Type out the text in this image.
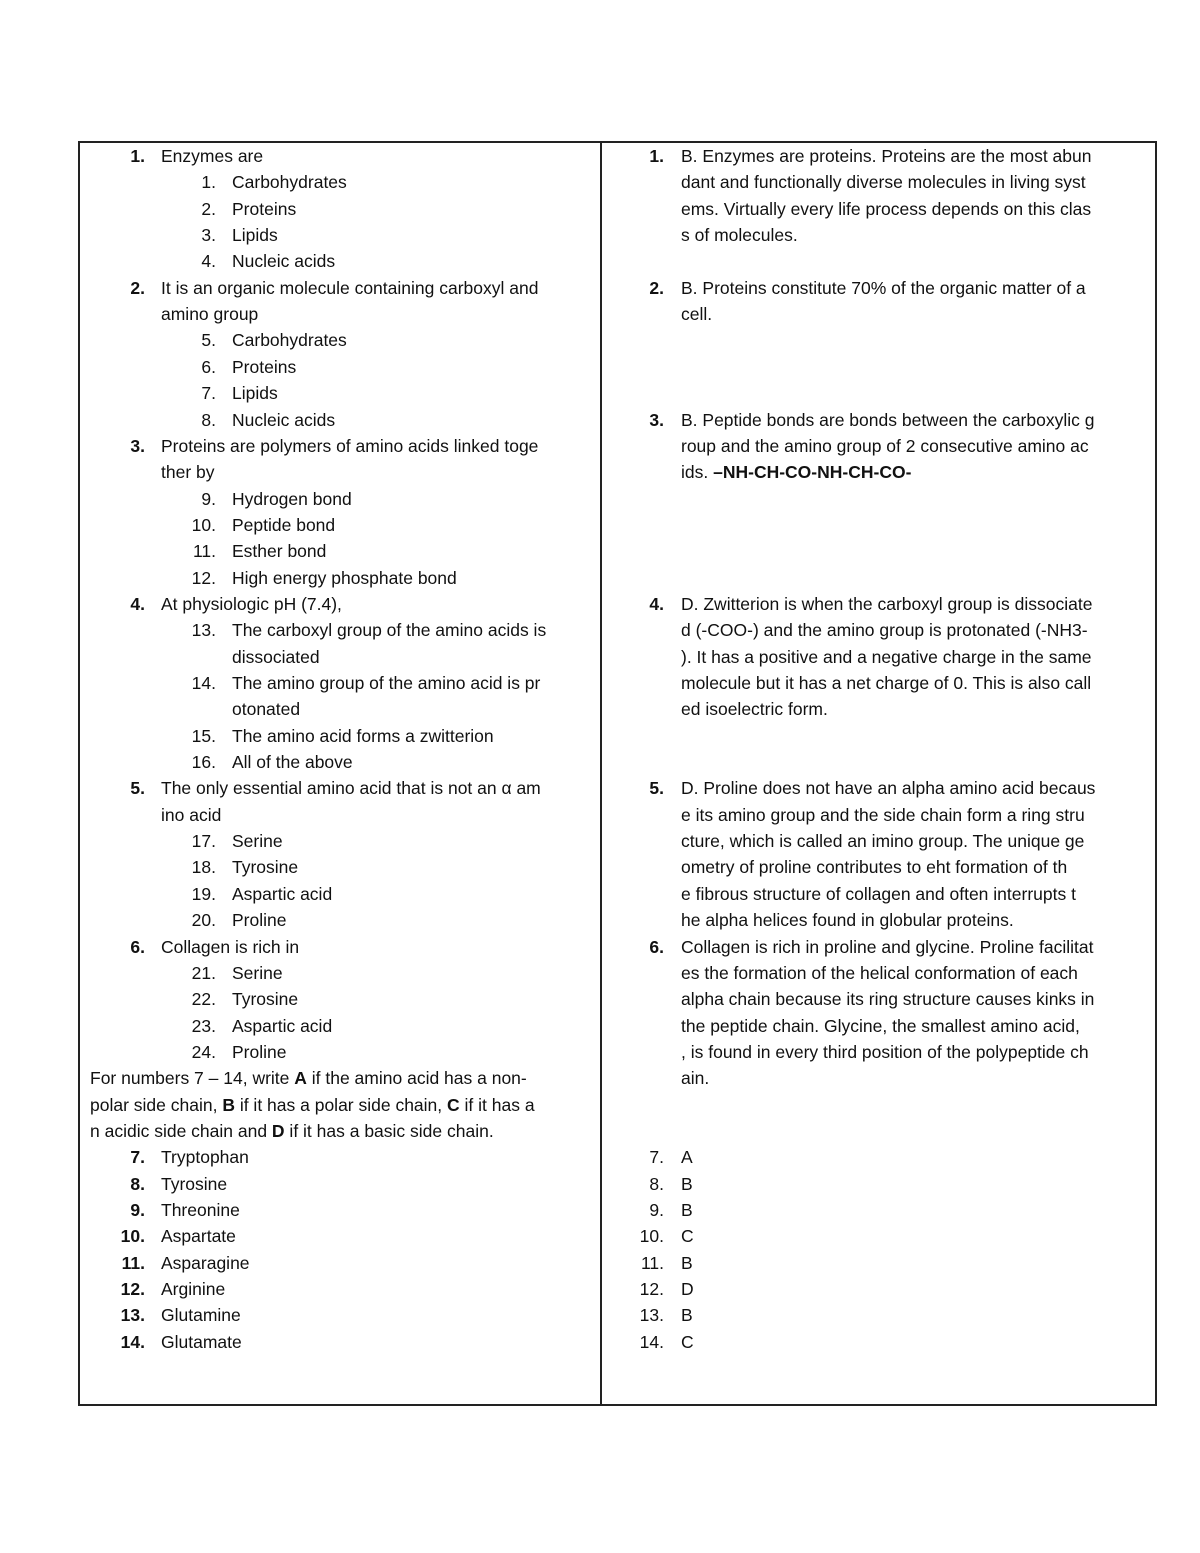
1. Enzymes are
1. Carbohydrates
2. Proteins
3. Lipids
4. Nucleic acids
2. It is an organic molecule containing carboxyl and
amino group
5. Carbohydrates
6. Proteins
7. Lipids
8. Nucleic acids
3. Proteins are polymers of amino acids linked toge
ther by
9. Hydrogen bond
10. Peptide bond
11. Esther bond
12. High energy phosphate bond
4. At physiologic pH (7.4),
13. The carboxyl group of the amino acids is
dissociated
14. The amino group of the amino acid is pr
otonated
15. The amino acid forms a zwitterion
16. All of the above
5. The only essential amino acid that is not an α am
ino acid
17. Serine
18. Tyrosine
19. Aspartic acid
20. Proline
6. Collagen is rich in
21. Serine
22. Tyrosine
23. Aspartic acid
24. Proline
For numbers 7 – 14, write A if the amino acid has a non-
polar side chain, B if it has a polar side chain, C if it has a
n acidic side chain and D if it has a basic side chain.
7. Tryptophan
8. Tyrosine
9. Threonine
10. Aspartate
11. Asparagine
12. Arginine
13. Glutamine
14. Glutamate
1. B. Enzymes are proteins. Proteins are the most abun
dant and functionally diverse molecules in living syst
ems. Virtually every life process depends on this clas
s of molecules.
2. B. Proteins constitute 70% of the organic matter of a
cell.
3. B. Peptide bonds are bonds between the carboxylic g
roup and the amino group of 2 consecutive amino ac
ids. –NH-CH-CO-NH-CH-CO-
4. D. Zwitterion is when the carboxyl group is dissociate
d (-COO-) and the amino group is protonated (-NH3-
). It has a positive and a negative charge in the same
molecule but it has a net charge of 0. This is also call
ed isoelectric form.
5. D. Proline does not have an alpha amino acid becaus
e its amino group and the side chain form a ring stru
cture, which is called an imino group. The unique ge
ometry of proline contributes to eht formation of th
e fibrous structure of collagen and often interrupts t
he alpha helices found in globular proteins.
6. Collagen is rich in proline and glycine. Proline facilitat
es the formation of the helical conformation of each
alpha chain because its ring structure causes kinks in
the peptide chain. Glycine, the smallest amino acid,
, is found in every third position of the polypeptide ch
ain.
7. A
8. B
9. B
10. C
11. B
12. D
13. B
14. C
